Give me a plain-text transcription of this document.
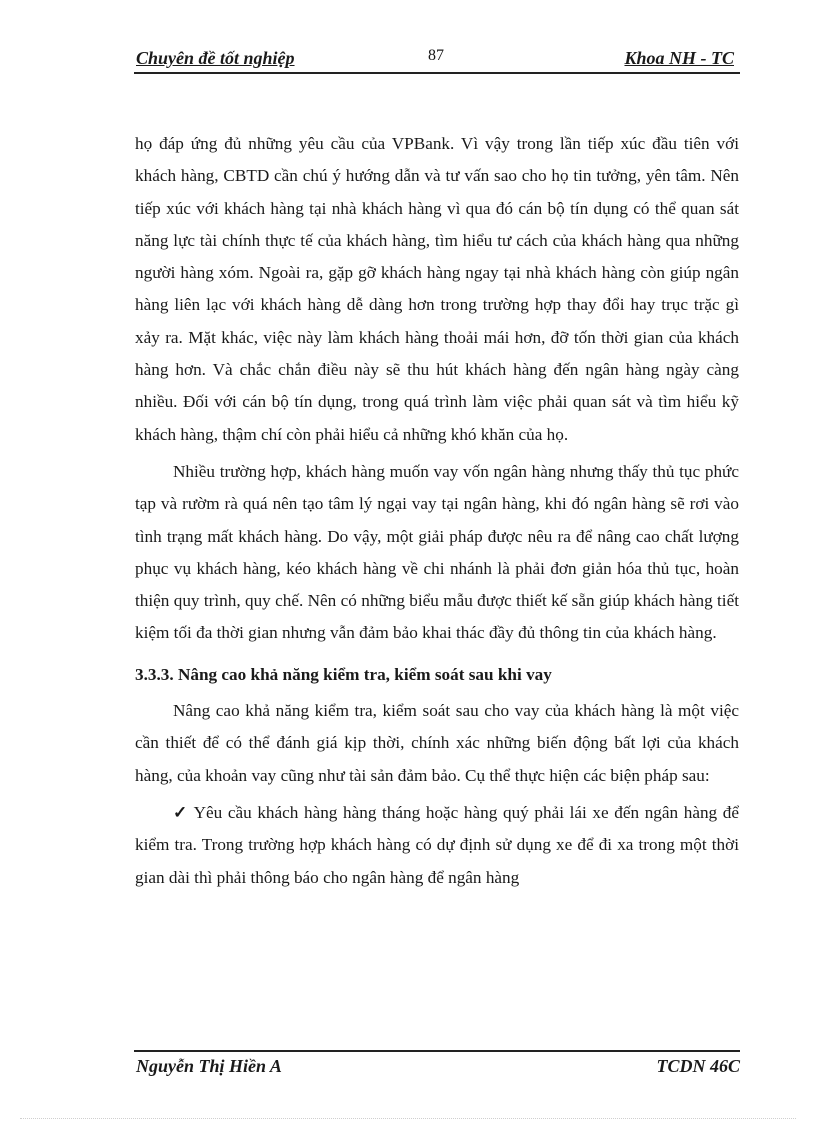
Chuyên đề tốt nghiệp	87	Khoa NH - TC

họ đáp ứng đủ những yêu cầu của VPBank. Vì vậy trong lần tiếp xúc đầu tiên với khách hàng, CBTD cần chú ý hướng dẫn và tư vấn sao cho họ tin tưởng, yên tâm. Nên tiếp xúc với khách hàng tại nhà khách hàng vì qua đó cán bộ tín dụng có thể quan sát năng lực tài chính thực tế của khách hàng, tìm hiểu tư cách của khách hàng qua những người hàng xóm. Ngoài ra, gặp gỡ khách hàng ngay tại nhà khách hàng còn giúp ngân hàng liên lạc với khách hàng dễ dàng hơn trong trường hợp thay đổi hay trục trặc gì xảy ra. Mặt khác, việc này làm khách hàng thoải mái hơn, đỡ tốn thời gian của khách hàng hơn. Và chắc chắn điều này sẽ thu hút khách hàng đến ngân hàng ngày càng nhiều. Đối với cán bộ tín dụng, trong quá trình làm việc phải quan sát và tìm hiểu kỹ khách hàng, thậm chí còn phải hiểu cả những khó khăn của họ.

Nhiều trường hợp, khách hàng muốn vay vốn ngân hàng nhưng thấy thủ tục phức tạp và rườm rà quá nên tạo tâm lý ngại vay tại ngân hàng, khi đó ngân hàng sẽ rơi vào tình trạng mất khách hàng. Do vậy, một giải pháp được nêu ra để nâng cao chất lượng phục vụ khách hàng, kéo khách hàng về chi nhánh là phải đơn giản hóa thủ tục, hoàn thiện quy trình, quy chế. Nên có những biểu mẫu được thiết kế sẵn giúp khách hàng tiết kiệm tối đa thời gian nhưng vẫn đảm bảo khai thác đầy đủ thông tin của khách hàng.

3.3.3. Nâng cao khả năng kiểm tra, kiểm soát sau khi vay

Nâng cao khả năng kiểm tra, kiểm soát sau cho vay của khách hàng là một việc cần thiết để có thể đánh giá kịp thời, chính xác những biến động bất lợi của khách hàng, của khoản vay cũng như tài sản đảm bảo. Cụ thể thực hiện các biện pháp sau:

✓ Yêu cầu khách hàng hàng tháng hoặc hàng quý phải lái xe đến ngân hàng để kiểm tra. Trong trường hợp khách hàng có dự định sử dụng xe để đi xa trong một thời gian dài thì phải thông báo cho ngân hàng để ngân hàng

Nguyễn Thị Hiền A	TCDN 46C
